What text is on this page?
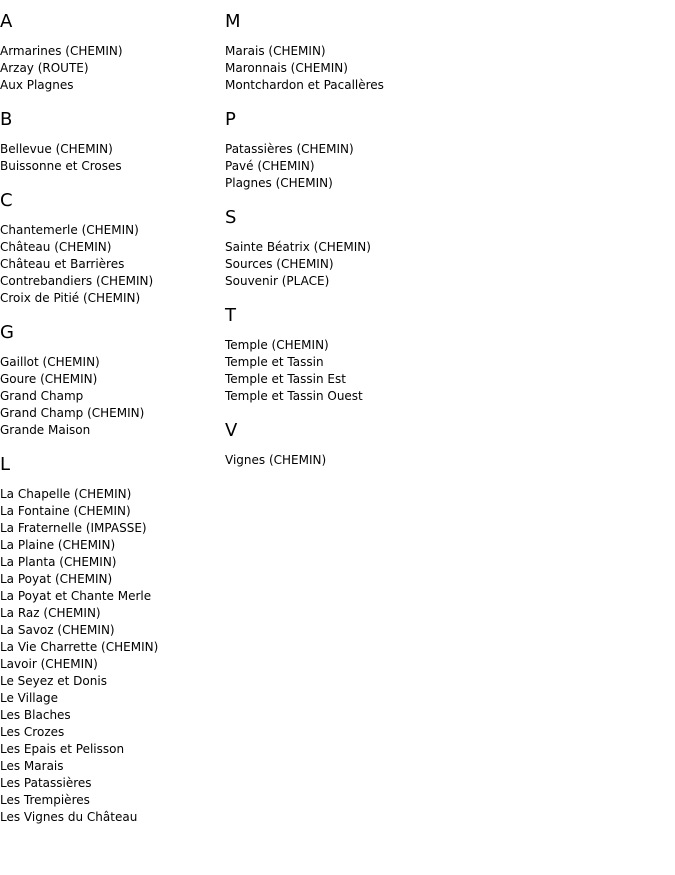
A
Armarines (CHEMIN)
Arzay (ROUTE)
Aux Plagnes
B
Bellevue (CHEMIN)
Buissonne et Croses
C
Chantemerle (CHEMIN)
Château (CHEMIN)
Château et Barrières
Contrebandiers (CHEMIN)
Croix de Pitié (CHEMIN)
G
Gaillot (CHEMIN)
Goure (CHEMIN)
Grand Champ
Grand Champ (CHEMIN)
Grande Maison
L
La Chapelle (CHEMIN)
La Fontaine (CHEMIN)
La Fraternelle (IMPASSE)
La Plaine (CHEMIN)
La Planta (CHEMIN)
La Poyat (CHEMIN)
La Poyat et Chante Merle
La Raz (CHEMIN)
La Savoz (CHEMIN)
La Vie Charrette (CHEMIN)
Lavoir (CHEMIN)
Le Seyez et Donis
Le Village
Les Blaches
Les Crozes
Les Epais et Pelisson
Les Marais
Les Patassières
Les Trempières
Les Vignes du Château
M
Marais (CHEMIN)
Maronnais (CHEMIN)
Montchardon et Pacallères
P
Patassières (CHEMIN)
Pavé (CHEMIN)
Plagnes (CHEMIN)
S
Sainte Béatrix (CHEMIN)
Sources (CHEMIN)
Souvenir (PLACE)
T
Temple (CHEMIN)
Temple et Tassin
Temple et Tassin Est
Temple et Tassin Ouest
V
Vignes (CHEMIN)
